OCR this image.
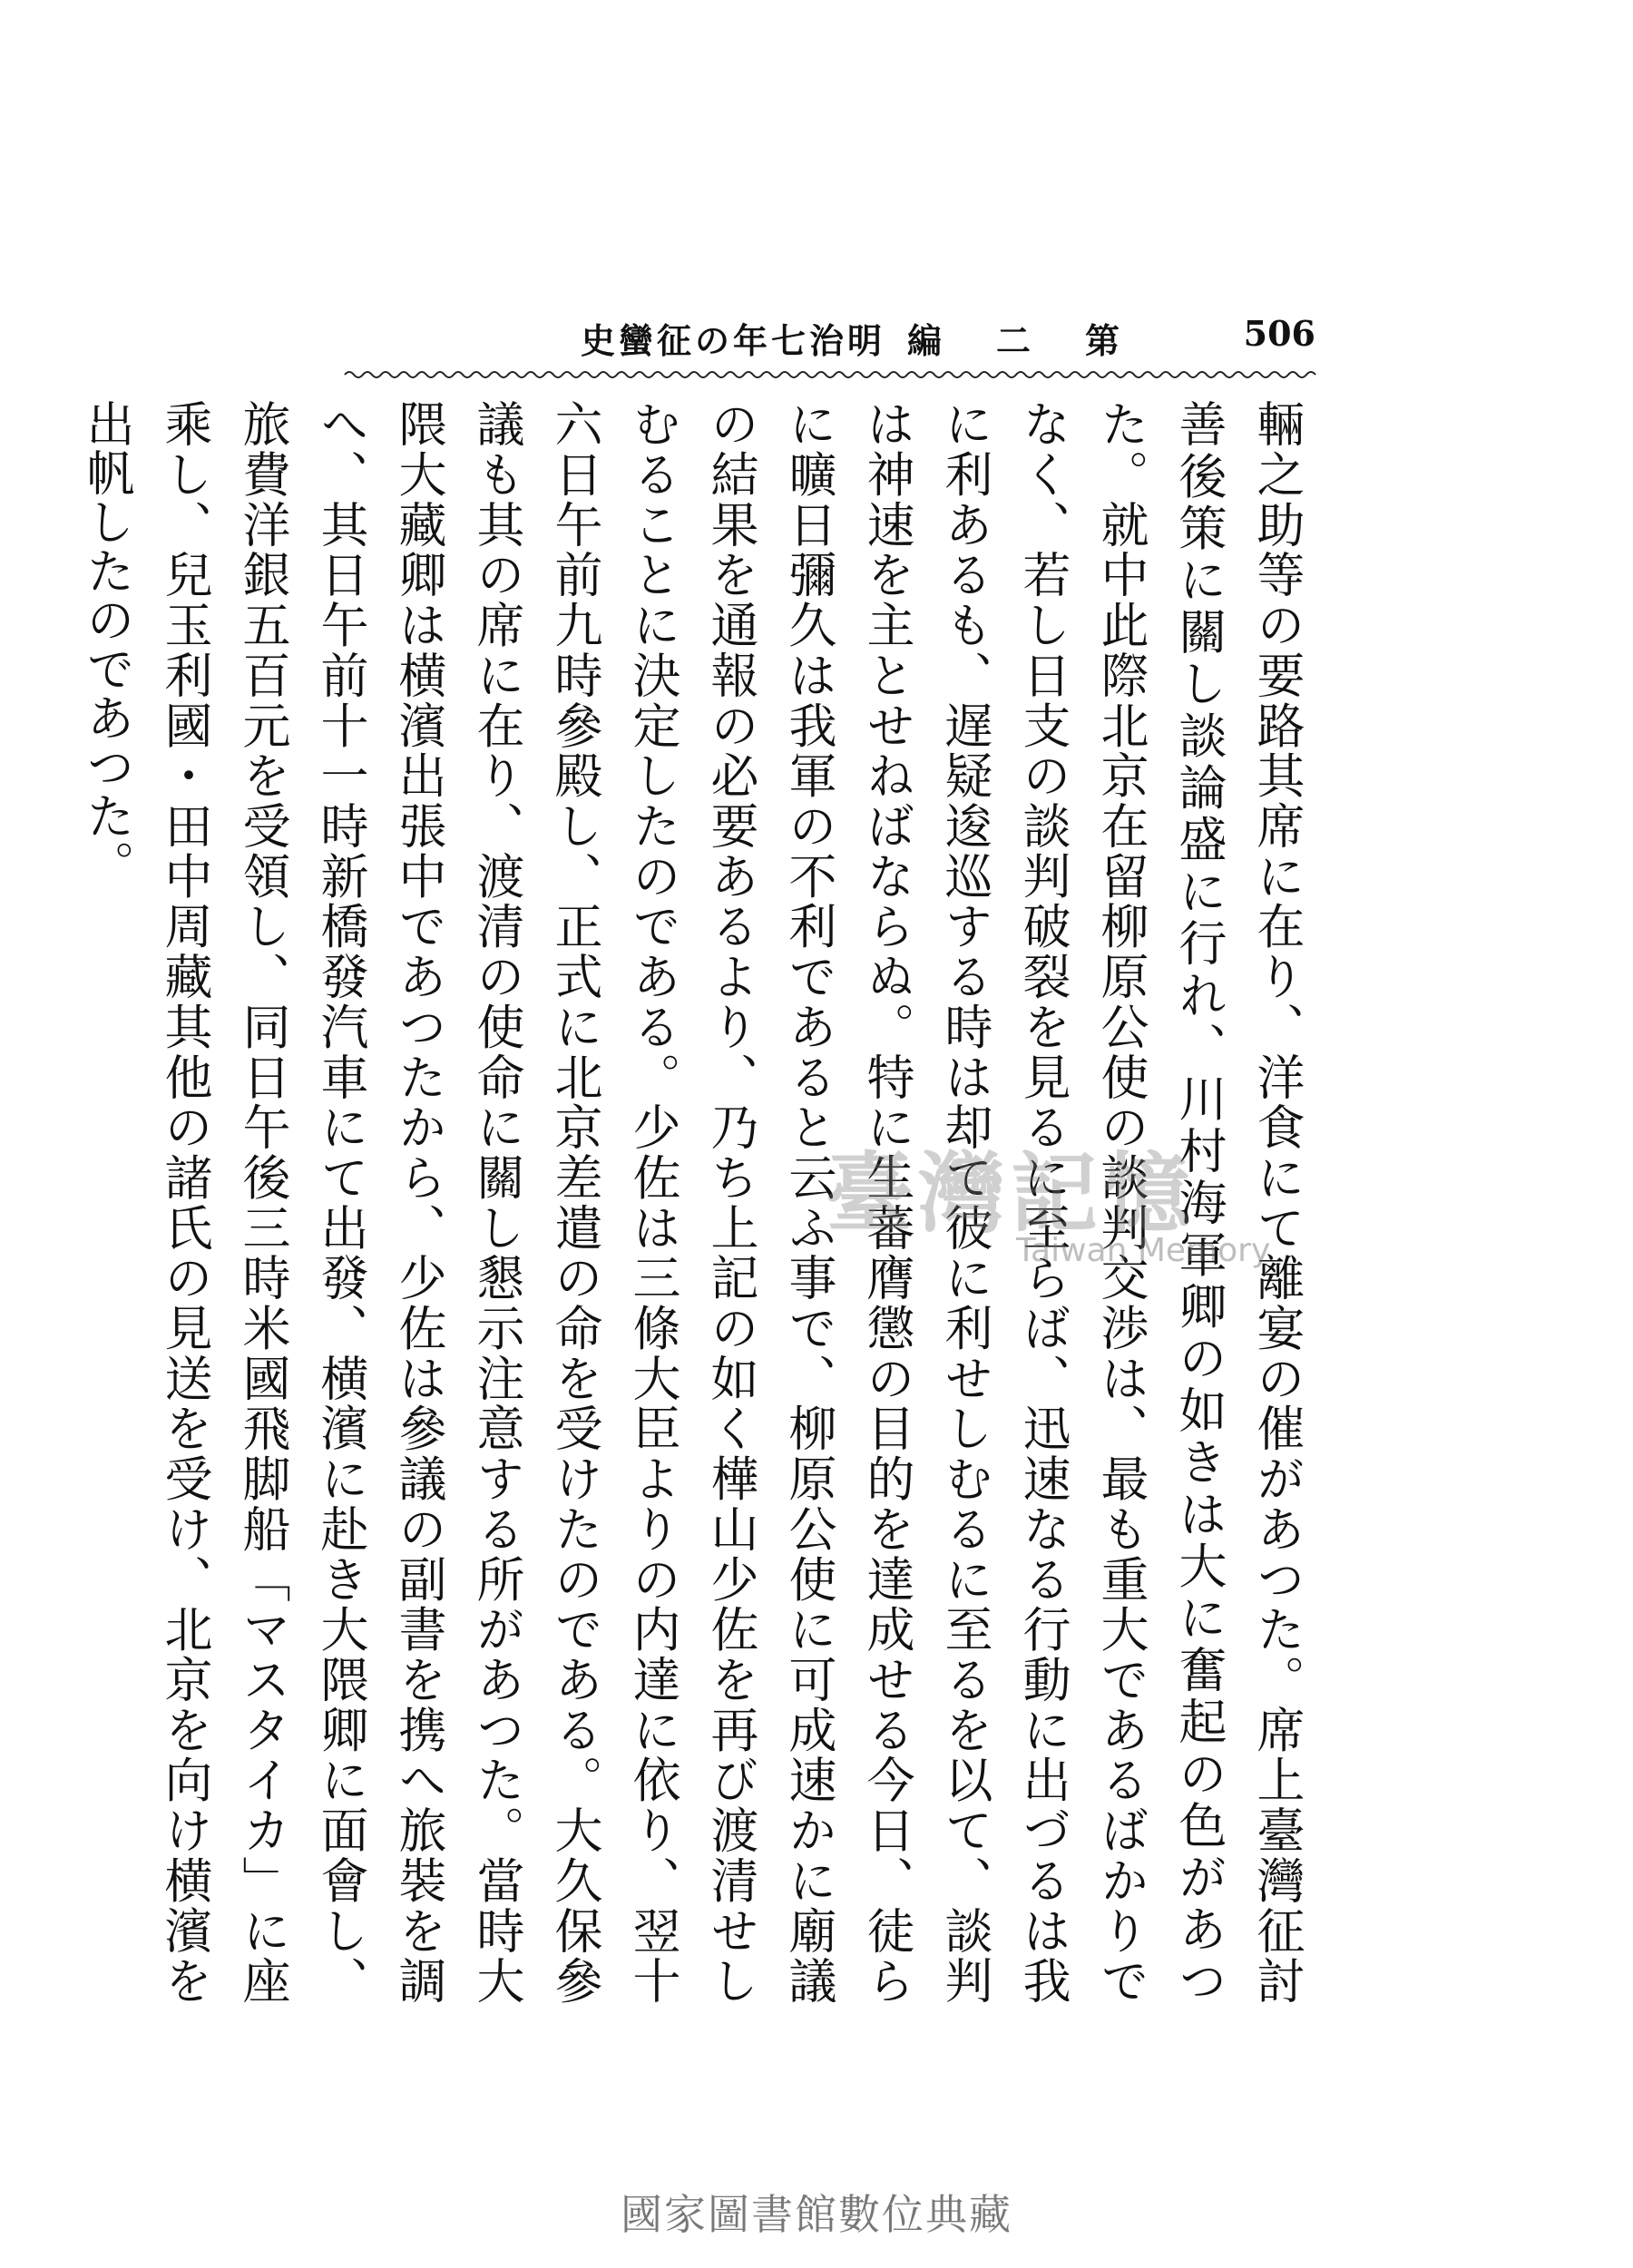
史蠻征の年七治明 編 二 第	506

輛之助等の要路其席に在り、洋食にて離宴の催があつた。席上臺灣征討善後策に關し談論盛に行れ、川村海軍卿の如きは大に奮起の色があつた。就中此際北京在留柳原公使の談判交渉は、最も重大であるばかりでなく、若し日支の談判破裂を見るに至らば、迅速なる行動に出づるは我に利あるも、遅疑逡巡する時は却て彼に利せしむるに至るを以て、談判は神速を主とせねばならぬ。特に生蕃膺懲の目的を達成せる今日、徒らに曠日彌久は我軍の不利であると云ふ事で、柳原公使に可成速かに廟議の結果を通報の必要あるより、乃ち上記の如く樺山少佐を再び渡清せしむることに決定したのである。少佐は三條大臣よりの内達に依り、翌十六日午前九時參殿し、正式に北京差遣の命を受けたのである。大久保參議も其の席に在り、渡清の使命に關し懇示注意する所があつた。當時大隈大藏卿は横濱出張中であつたから、少佐は參議の副書を携へ旅裝を調へ、其日午前十一時新橋發汽車にて出發、横濱に赴き大隈卿に面會し、旅費洋銀五百元を受領し、同日午後三時米國飛脚船「マスタイカ」に座乘し、兒玉利國・田中周藏其他の諸氏の見送を受け、北京を向け横濱を出帆したのであつた。

臺灣記憶
Taiwan Memory
國家圖書館數位典藏
